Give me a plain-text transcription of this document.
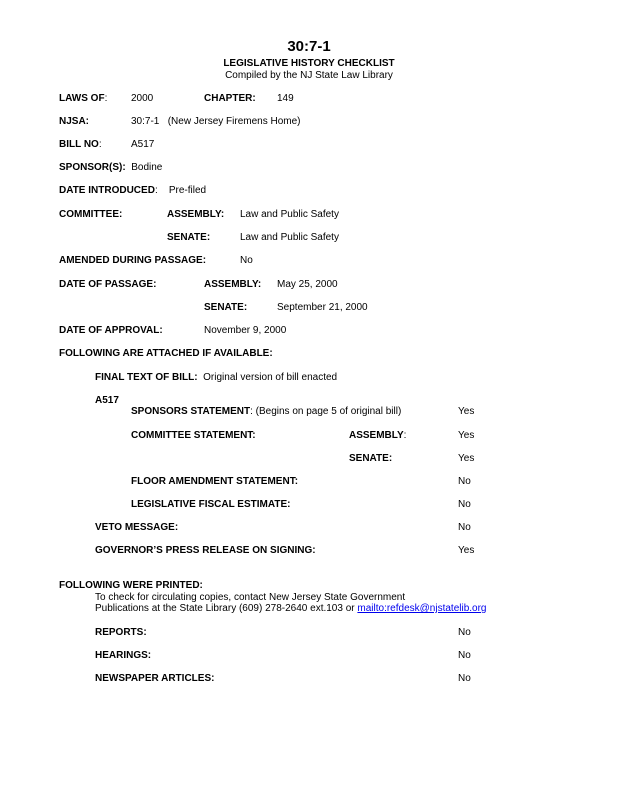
30:7-1
LEGISLATIVE HISTORY CHECKLIST
Compiled by the NJ State Law Library
LAWS OF: 2000	CHAPTER: 149
NJSA:	30:7-1 (New Jersey Firemens Home)
BILL NO:	A517
SPONSOR(S): Bodine
DATE INTRODUCED:    Pre-filed
COMMITTEE:	ASSEMBLY: Law and Public Safety
SENATE:	Law and Public Safety
AMENDED DURING PASSAGE:	No
DATE OF PASSAGE:	ASSEMBLY: May 25, 2000
SENATE:	September 21, 2000
DATE OF APPROVAL:	November 9, 2000
FOLLOWING ARE ATTACHED IF AVAILABLE:
FINAL TEXT OF BILL: Original version of bill enacted
A517
SPONSORS STATEMENT: (Begins on page 5 of original bill)	Yes
COMMITTEE STATEMENT:	ASSEMBLY:	Yes
SENATE:	Yes
FLOOR AMENDMENT STATEMENT:	No
LEGISLATIVE FISCAL ESTIMATE:	No
VETO MESSAGE:	No
GOVERNOR’S PRESS RELEASE ON SIGNING:	Yes
FOLLOWING WERE PRINTED:
To check for circulating copies, contact New Jersey State Government
Publications at the State Library (609) 278-2640 ext.103 or mailto:refdesk@njstatelib.org
REPORTS:	No
HEARINGS:	No
NEWSPAPER ARTICLES:	No
